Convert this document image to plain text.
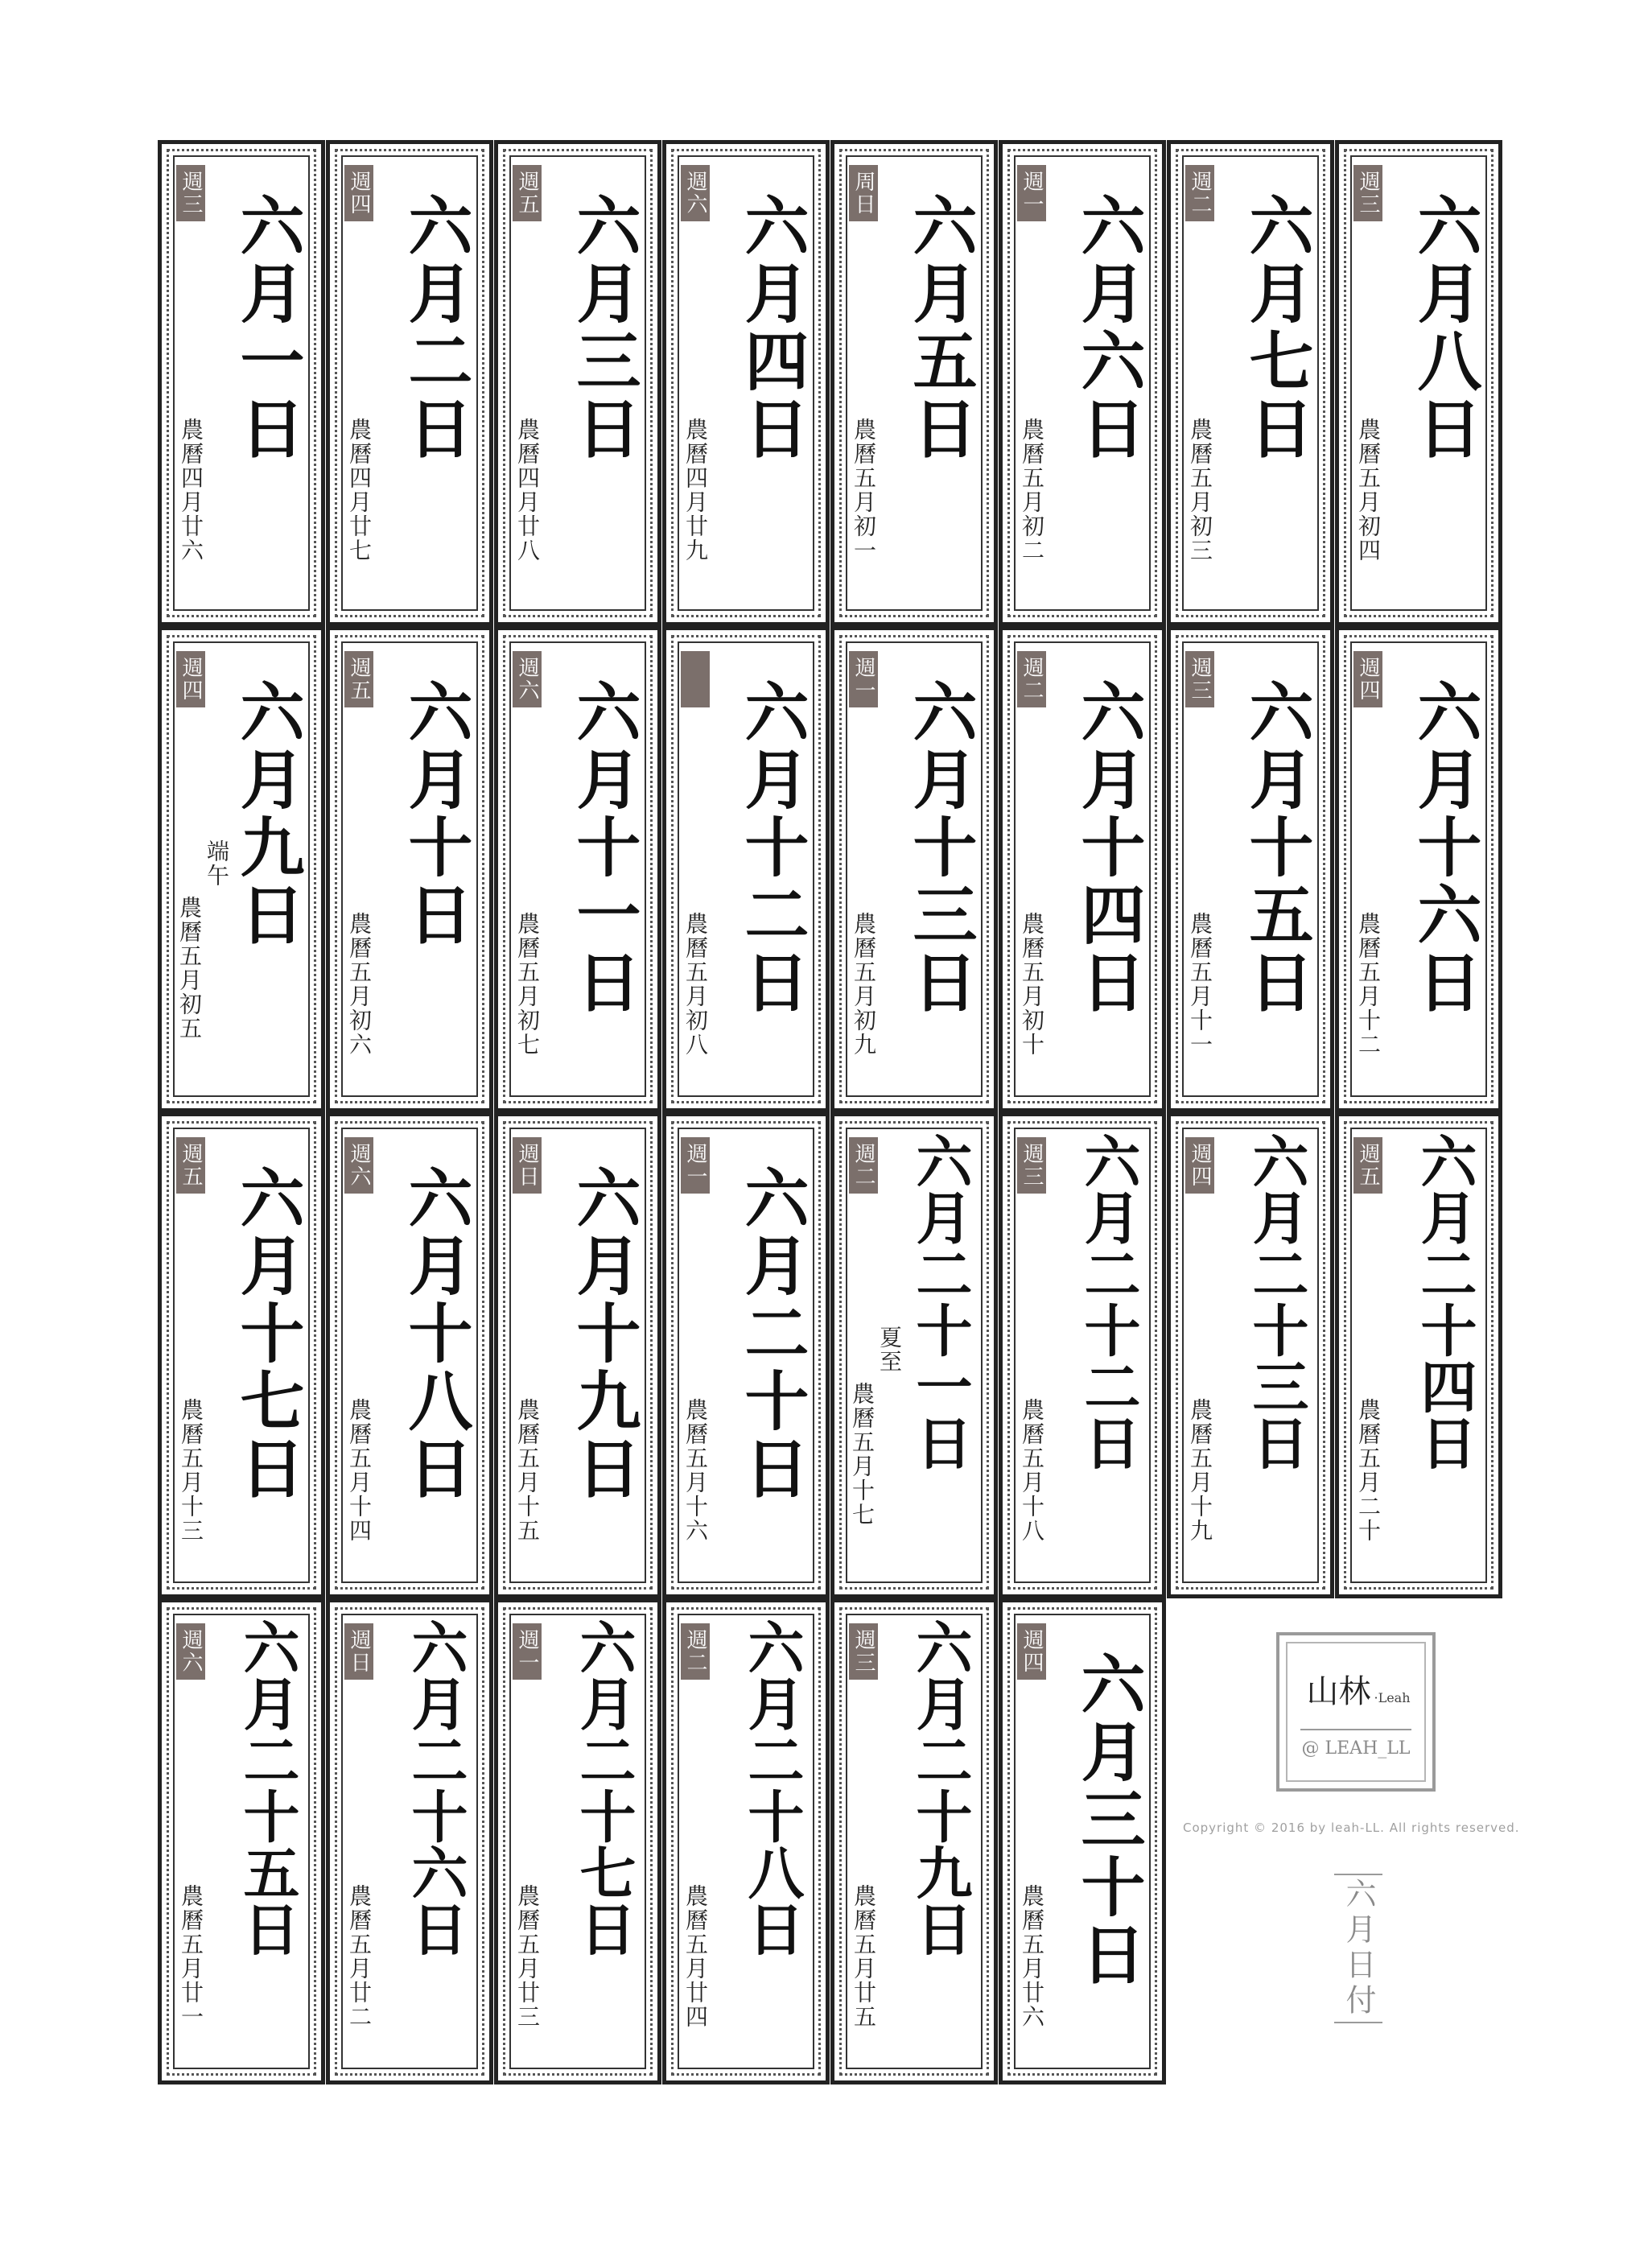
週三 六月一日
農曆四月廿六
週四 六月二日
農曆四月廿七
週五 六月三日
農曆四月廿八
週六 六月四日
農曆四月廿九
周日 六月五日
農曆五月初一
週一 六月六日
農曆五月初二
週二 六月七日
農曆五月初三
週三 六月八日
農曆五月初四
週四 六月九日
農曆五月初五
端午
週五 六月十日
農曆五月初六
週六 六月十一日
農曆五月初七	六月十二日
農曆五月初八
週一 六月十三日
農曆五月初九
週二 六月十四日
農曆五月初十
週三 六月十五日
農曆五月十一
週四 六月十六日
農曆五月十二
週五 六月十七日
農曆五月十三
週六 六月十八日
農曆五月十四
週日 六月十九日
農曆五月十五
週一 六月二十日
農曆五月十六
週二 六月二十一日
農曆五月十七
夏至
週三 六月二十二日
農曆五月十八
週四 六月二十三日
農曆五月十九
週五 六月二十四日
農曆五月二十
週六 六月二十五日
農曆五月廿一
週日 六月二十六日
農曆五月廿二
週一 六月二十七日
農曆五月廿三
週二 六月二十八日
農曆五月廿四
週三 六月二十九日
農曆五月廿五
週四 六月三十日
農曆五月廿六
山林 ·Leah
@ LEAH_LL
Copyright © 2016 by leah-LL. All rights reserved.
六月日付
